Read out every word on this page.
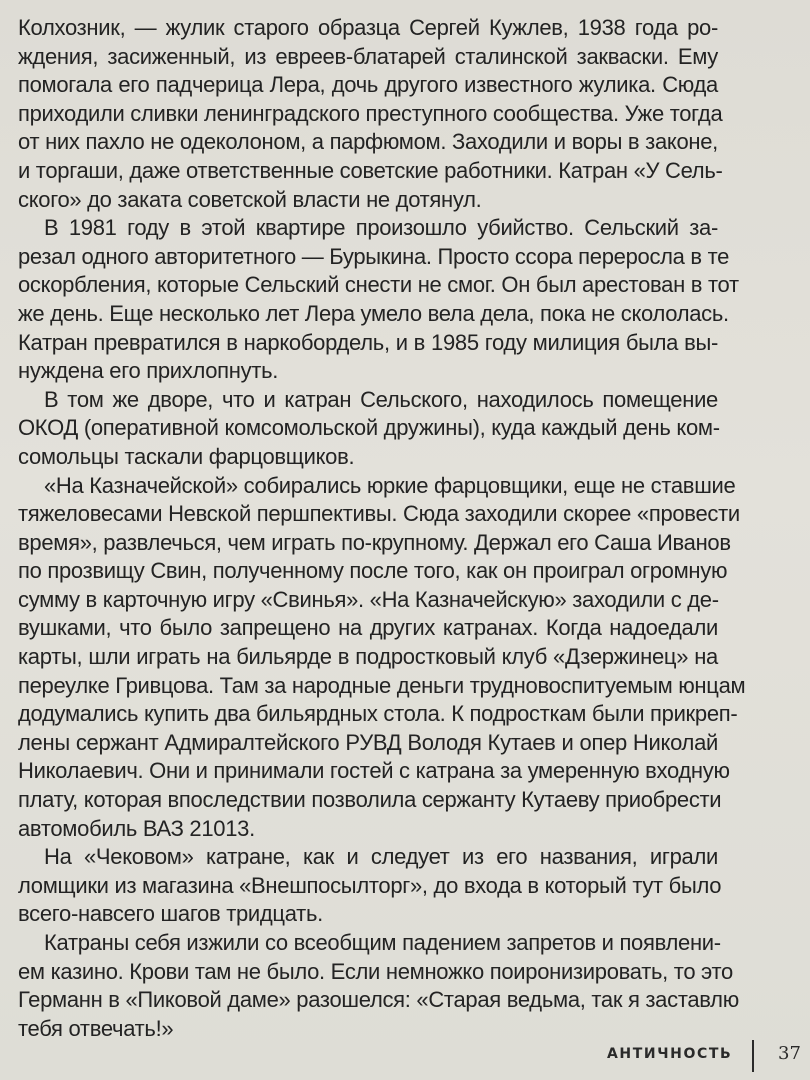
Колхозник, — жулик старого образца Сергей Кужлев, 1938 года ро-
ждения, засиженный, из евреев-блатарей сталинской закваски. Ему
помогала его падчерица Лера, дочь другого известного жулика. Сюда
приходили сливки ленинградского преступного сообщества. Уже тогда
от них пахло не одеколоном, а парфюмом. Заходили и воры в законе,
и торгаши, даже ответственные советские работники. Катран «У Сель-
ского» до заката советской власти не дотянул.
В 1981 году в этой квартире произошло убийство. Сельский за-
резал одного авторитетного — Бурыкина. Просто ссора переросла в те
оскорбления, которые Сельский снести не смог. Он был арестован в тот
же день. Еще несколько лет Лера умело вела дела, пока не скололась.
Катран превратился в наркобордель, и в 1985 году милиция была вы-
нуждена его прихлопнуть.
В том же дворе, что и катран Сельского, находилось помещение
ОКОД (оперативной комсомольской дружины), куда каждый день ком-
сомольцы таскали фарцовщиков.
«На Казначейской» собирались юркие фарцовщики, еще не ставшие
тяжеловесами Невской першпективы. Сюда заходили скорее «провести
время», развлечься, чем играть по-крупному. Держал его Саша Иванов
по прозвищу Свин, полученному после того, как он проиграл огромную
сумму в карточную игру «Свинья». «На Казначейскую» заходили с де-
вушками, что было запрещено на других катранах. Когда надоедали
карты, шли играть на бильярде в подростковый клуб «Дзержинец» на
переулке Гривцова. Там за народные деньги трудновоспитуемым юнцам
додумались купить два бильярдных стола. К подросткам были прикреп-
лены сержант Адмиралтейского РУВД Володя Кутаев и опер Николай
Николаевич. Они и принимали гостей с катрана за умеренную входную
плату, которая впоследствии позволила сержанту Кутаеву приобрести
автомобиль ВАЗ 21013.
На «Чековом» катране, как и следует из его названия, играли
ломщики из магазина «Внешпосылторг», до входа в который тут было
всего-навсего шагов тридцать.
Катраны себя изжили со всеобщим падением запретов и появлени-
ем казино. Крови там не было. Если немножко поиронизировать, то это
Германн в «Пиковой даме» разошелся: «Старая ведьма, так я заставлю
тебя отвечать!»
АНТИЧНОСТЬ	37
